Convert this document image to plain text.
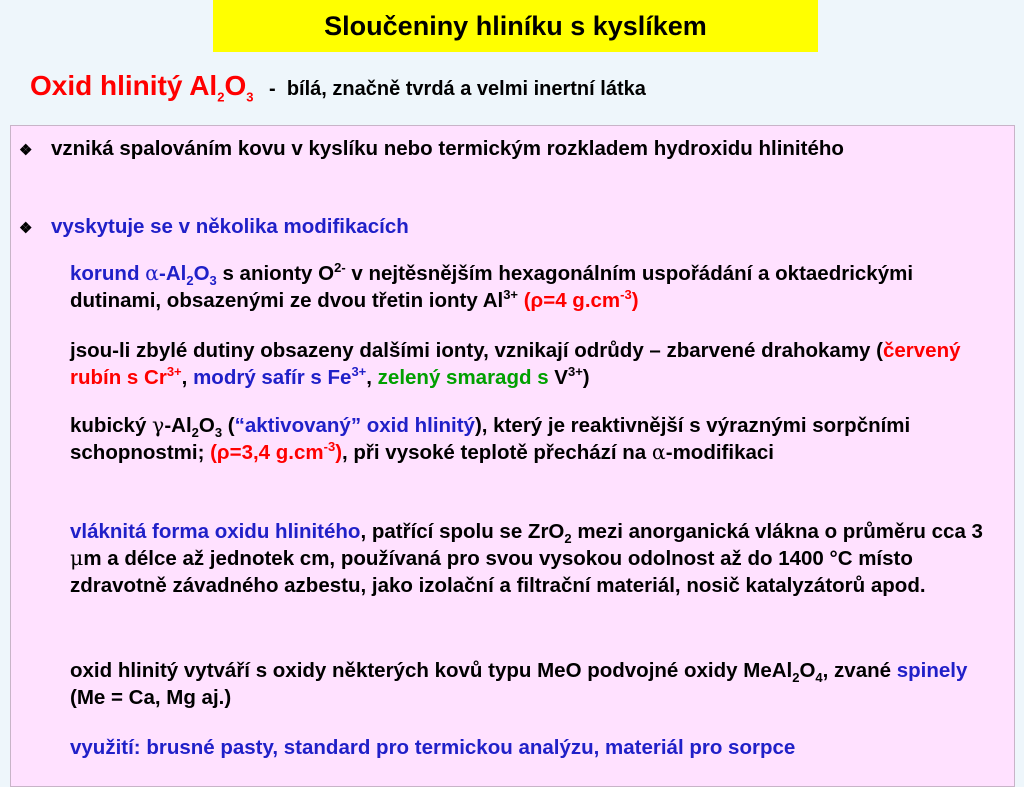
Sloučeniny hliníku s kyslíkem
Oxid hlinitý $Al_2O_3$ - bílá, značně tvrdá a velmi inertní látka
❖ vzniká spalováním kovu v kyslíku nebo termickým rozkladem hydroxidu hlinitého
❖ vyskytuje se v několika modifikacích
korund $\alpha-Al_2O_3$ s anionty $O^{2-}$ v nejtěsnějším hexagonálním uspořádání a oktaedrickými dutinami, obsazenými ze dvou třetin ionty $Al^{3+}$ (ρ=4 $g.cm^{-3}$)
jsou-li zbylé dutiny obsazeny dalšími ionty, vznikají odrůdy – zbarvené drahokamy (červený rubín s $Cr^{3+}$, modrý safír s $Fe^{3+}$, zelený smaragd s $V^{3+}$)
kubický $\gamma-Al_2O_3$ (“aktivovaný” oxid hlinitý), který je reaktivnější s výraznými sorpčními schopnostmi; (ρ=3,4 $g.cm^{-3}$), při vysoké teplotě přechází na α-modifikaci
vláknitá forma oxidu hlinitého, patřící spolu se ZrO$_2$ mezi anorganická vlákna o průměru cca 3 μm a délce až jednotek cm, používaná pro svou vysokou odolnost až do 1400 °C místo zdravotně závadného azbestu, jako izolační a filtrační materiál, nosič katalyzátorů apod.
oxid hlinitý vytváří s oxidy některých kovů typu MeO podvojné oxidy $MeAl_2O_4$, zvané spinely (Me = Ca, Mg aj.)
využití: brusné pasty, standard pro termickou analýzu, materiál pro sorpce
